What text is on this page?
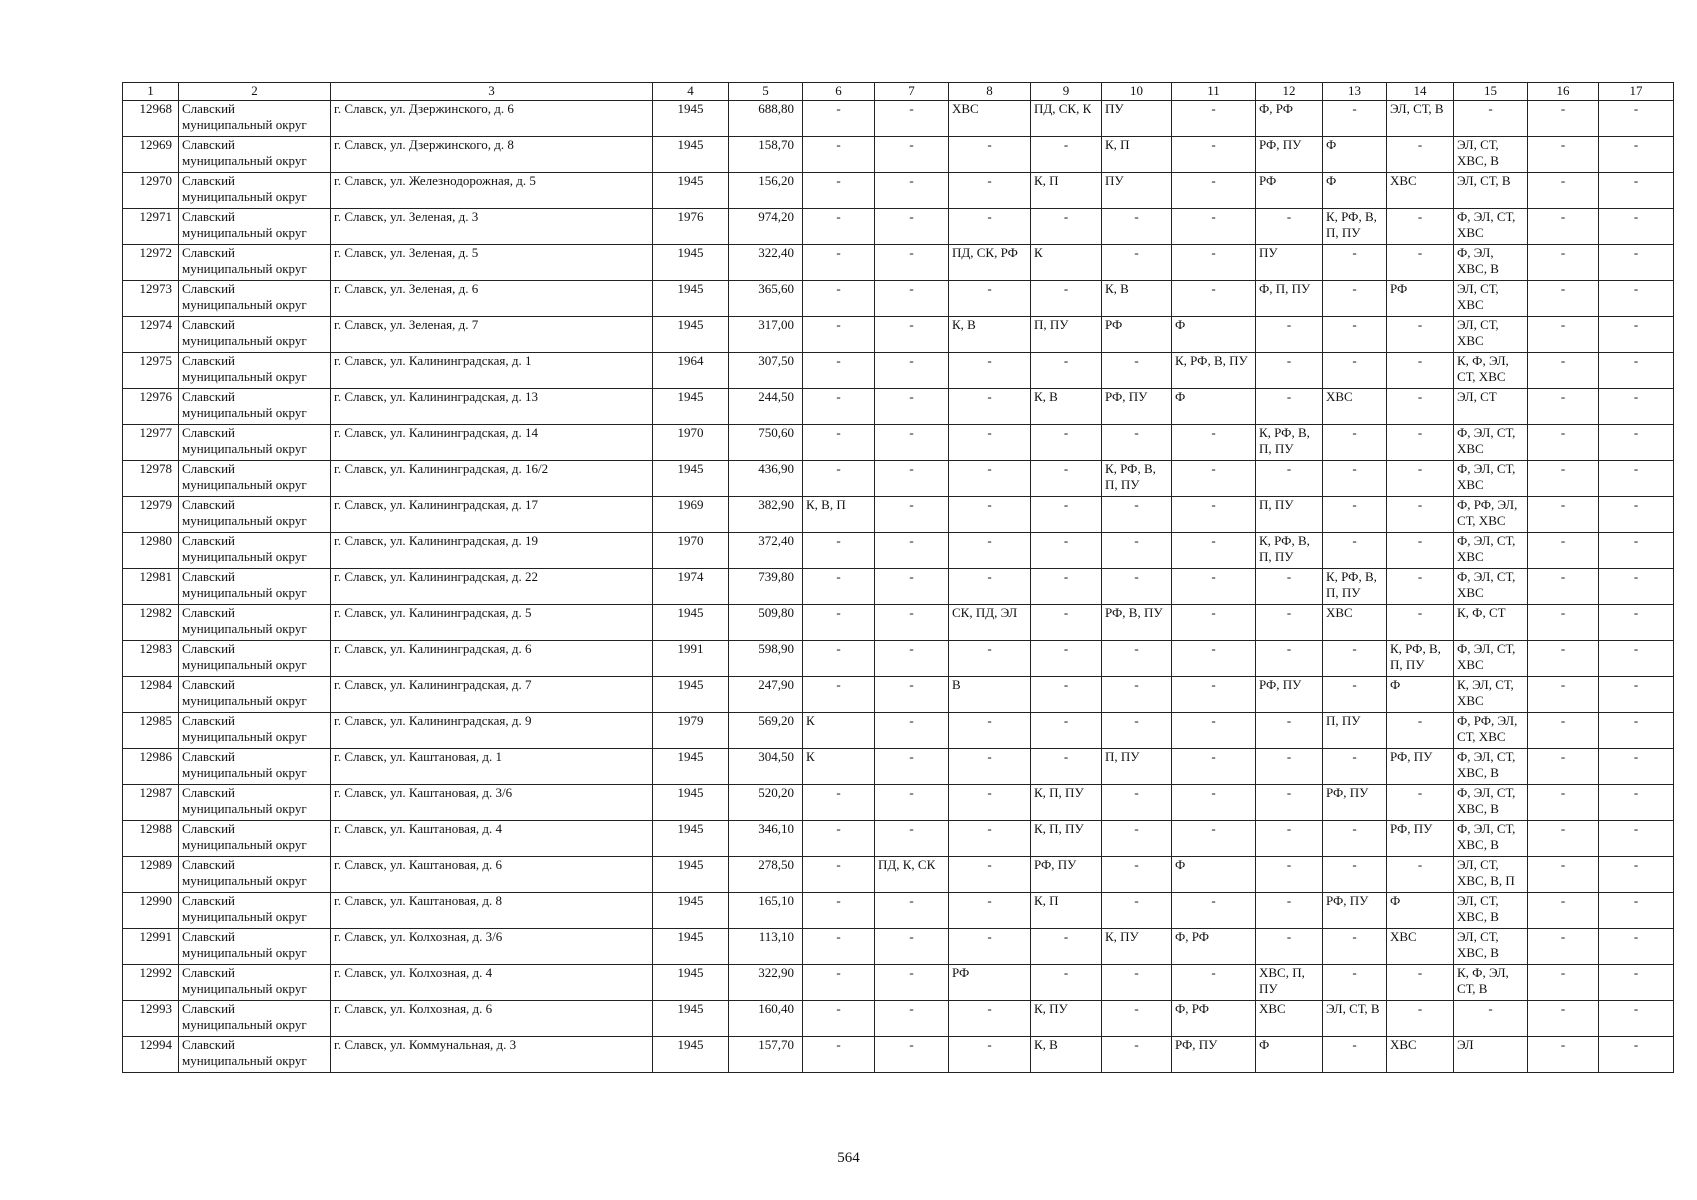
1	2	3	4	5	6	7	8	9	10	11	12	13	14	15	16	17
12968	Славский муниципальный округ	г. Славск, ул. Дзержинского, д. 6	1945	688,80	-	-	ХВС	ПД, СК, К	ПУ	-	Ф, РФ	-	ЭЛ, СТ, В	-	-	-
12969	Славский муниципальный округ	г. Славск, ул. Дзержинского, д. 8	1945	158,70	-	-	-	-	К, П	-	РФ, ПУ	Ф	-	ЭЛ, СТ, ХВС, В	-	-
12970	Славский муниципальный округ	г. Славск, ул. Железнодорожная, д. 5	1945	156,20	-	-	-	К, П	ПУ	-	РФ	Ф	ХВС	ЭЛ, СТ, В	-	-
12971	Славский муниципальный округ	г. Славск, ул. Зеленая, д. 3	1976	974,20	-	-	-	-	-	-	-	К, РФ, В, П, ПУ	-	Ф, ЭЛ, СТ, ХВС	-	-
12972	Славский муниципальный округ	г. Славск, ул. Зеленая, д. 5	1945	322,40	-	-	ПД, СК, РФ	К	-	-	ПУ	-	-	Ф, ЭЛ, ХВС, В	-	-
12973	Славский муниципальный округ	г. Славск, ул. Зеленая, д. 6	1945	365,60	-	-	-	-	К, В	-	Ф, П, ПУ	-	РФ	ЭЛ, СТ, ХВС	-	-
12974	Славский муниципальный округ	г. Славск, ул. Зеленая, д. 7	1945	317,00	-	-	К, В	П, ПУ	РФ	Ф	-	-	-	ЭЛ, СТ, ХВС	-	-
12975	Славский муниципальный округ	г. Славск, ул. Калининградская, д. 1	1964	307,50	-	-	-	-	-	К, РФ, В, ПУ	-	-	-	К, Ф, ЭЛ, СТ, ХВС	-	-
12976	Славский муниципальный округ	г. Славск, ул. Калининградская, д. 13	1945	244,50	-	-	-	К, В	РФ, ПУ	Ф	-	ХВС	-	ЭЛ, СТ	-	-
12977	Славский муниципальный округ	г. Славск, ул. Калининградская, д. 14	1970	750,60	-	-	-	-	-	-	К, РФ, В, П, ПУ	-	-	Ф, ЭЛ, СТ, ХВС	-	-
12978	Славский муниципальный округ	г. Славск, ул. Калининградская, д. 16/2	1945	436,90	-	-	-	-	К, РФ, В, П, ПУ	-	-	-	-	Ф, ЭЛ, СТ, ХВС	-	-
12979	Славский муниципальный округ	г. Славск, ул. Калининградская, д. 17	1969	382,90	К, В, П	-	-	-	-	-	П, ПУ	-	-	Ф, РФ, ЭЛ, СТ, ХВС	-	-
12980	Славский муниципальный округ	г. Славск, ул. Калининградская, д. 19	1970	372,40	-	-	-	-	-	-	К, РФ, В, П, ПУ	-	-	Ф, ЭЛ, СТ, ХВС	-	-
12981	Славский муниципальный округ	г. Славск, ул. Калининградская, д. 22	1974	739,80	-	-	-	-	-	-	-	К, РФ, В, П, ПУ	-	Ф, ЭЛ, СТ, ХВС	-	-
12982	Славский муниципальный округ	г. Славск, ул. Калининградская, д. 5	1945	509,80	-	-	СК, ПД, ЭЛ	-	РФ, В, ПУ	-	-	ХВС	-	К, Ф, СТ	-	-
12983	Славский муниципальный округ	г. Славск, ул. Калининградская, д. 6	1991	598,90	-	-	-	-	-	-	-	-	К, РФ, В, П, ПУ	Ф, ЭЛ, СТ, ХВС	-	-
12984	Славский муниципальный округ	г. Славск, ул. Калининградская, д. 7	1945	247,90	-	-	В	-	-	-	РФ, ПУ	-	Ф	К, ЭЛ, СТ, ХВС	-	-
12985	Славский муниципальный округ	г. Славск, ул. Калининградская, д. 9	1979	569,20	К	-	-	-	-	-	-	П, ПУ	-	Ф, РФ, ЭЛ, СТ, ХВС	-	-
12986	Славский муниципальный округ	г. Славск, ул. Каштановая, д. 1	1945	304,50	К	-	-	-	П, ПУ	-	-	-	РФ, ПУ	Ф, ЭЛ, СТ, ХВС, В	-	-
12987	Славский муниципальный округ	г. Славск, ул. Каштановая, д. 3/6	1945	520,20	-	-	-	К, П, ПУ	-	-	-	РФ, ПУ	-	Ф, ЭЛ, СТ, ХВС, В	-	-
12988	Славский муниципальный округ	г. Славск, ул. Каштановая, д. 4	1945	346,10	-	-	-	К, П, ПУ	-	-	-	-	РФ, ПУ	Ф, ЭЛ, СТ, ХВС, В	-	-
12989	Славский муниципальный округ	г. Славск, ул. Каштановая, д. 6	1945	278,50	-	ПД, К, СК	-	РФ, ПУ	-	Ф	-	-	-	ЭЛ, СТ, ХВС, В, П	-	-
12990	Славский муниципальный округ	г. Славск, ул. Каштановая, д. 8	1945	165,10	-	-	-	К, П	-	-	-	РФ, ПУ	Ф	ЭЛ, СТ, ХВС, В	-	-
12991	Славский муниципальный округ	г. Славск, ул. Колхозная, д. 3/6	1945	113,10	-	-	-	-	К, ПУ	Ф, РФ	-	-	ХВС	ЭЛ, СТ, ХВС, В	-	-
12992	Славский муниципальный округ	г. Славск, ул. Колхозная, д. 4	1945	322,90	-	-	РФ	-	-	-	ХВС, П, ПУ	-	-	К, Ф, ЭЛ, СТ, В	-	-
12993	Славский муниципальный округ	г. Славск, ул. Колхозная, д. 6	1945	160,40	-	-	-	К, ПУ	-	Ф, РФ	ХВС	ЭЛ, СТ, В	-	-	-	-
12994	Славский муниципальный округ	г. Славск, ул. Коммунальная, д. 3	1945	157,70	-	-	-	К, В	-	РФ, ПУ	Ф	-	ХВС	ЭЛ	-	-
564
